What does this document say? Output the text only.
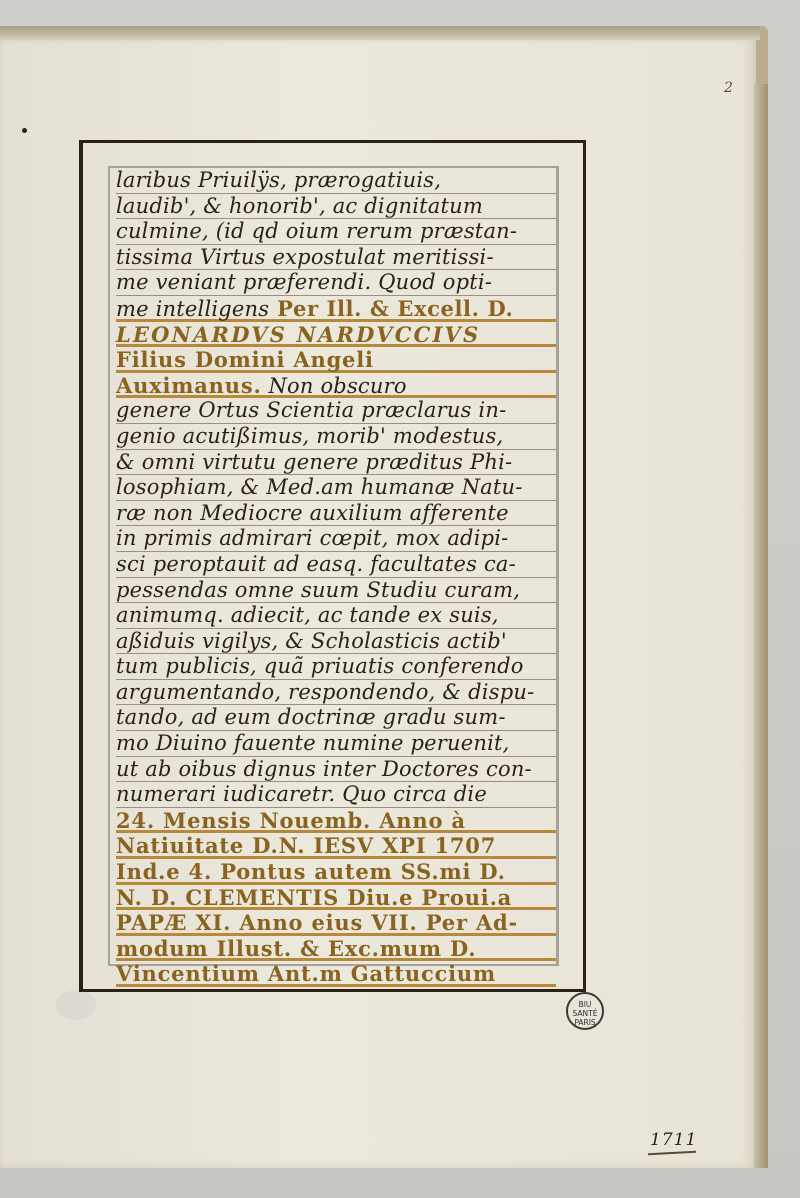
2
laribus Priuilÿs, prærogatiuis,
laudib', & honorib', ac dignitatum
culmine, (id qd oium rerum præstan-
tissima Virtus expostulat meritissi-
me veniant præferendi. Quod opti-
me intelligens Per Ill. & Excell. D.
LEONARDVS NARDVCCIVS
Filius Domini Angeli
Auximanus. Non obscuro
genere Ortus Scientia præclarus in-
genio acutißimus, morib' modestus,
& omni virtutu genere præditus Phi-
losophiam, & Med.am humanæ Natu-
ræ non Mediocre auxilium afferente
in primis admirari cœpit, mox adipi-
sci peroptauit ad easq. facultates ca-
pessendas omne suum Studiu curam,
animumq. adiecit, ac tande ex suis,
aßiduis vigilys, & Scholasticis actib'
tum publicis, quã priuatis conferendo
argumentando, respondendo, & dispu-
tando, ad eum doctrinæ gradu sum-
mo Diuino fauente numine peruenit,
ut ab oibus dignus inter Doctores con-
numerari iudicaretr. Quo circa die
24. Mensis Nouemb. Anno à
Natiuitate D.N. IESV XPI 1707
Ind.e 4. Pontus autem SS.mi D.
N. D. CLEMENTIS Diu.e Proui.a
PAPÆ XI. Anno eius VII. Per Ad-
modum Illust. & Exc.mum D.
Vincentium Ant.m Gattuccium
BIU
SANTÉ
PARIS
1711
